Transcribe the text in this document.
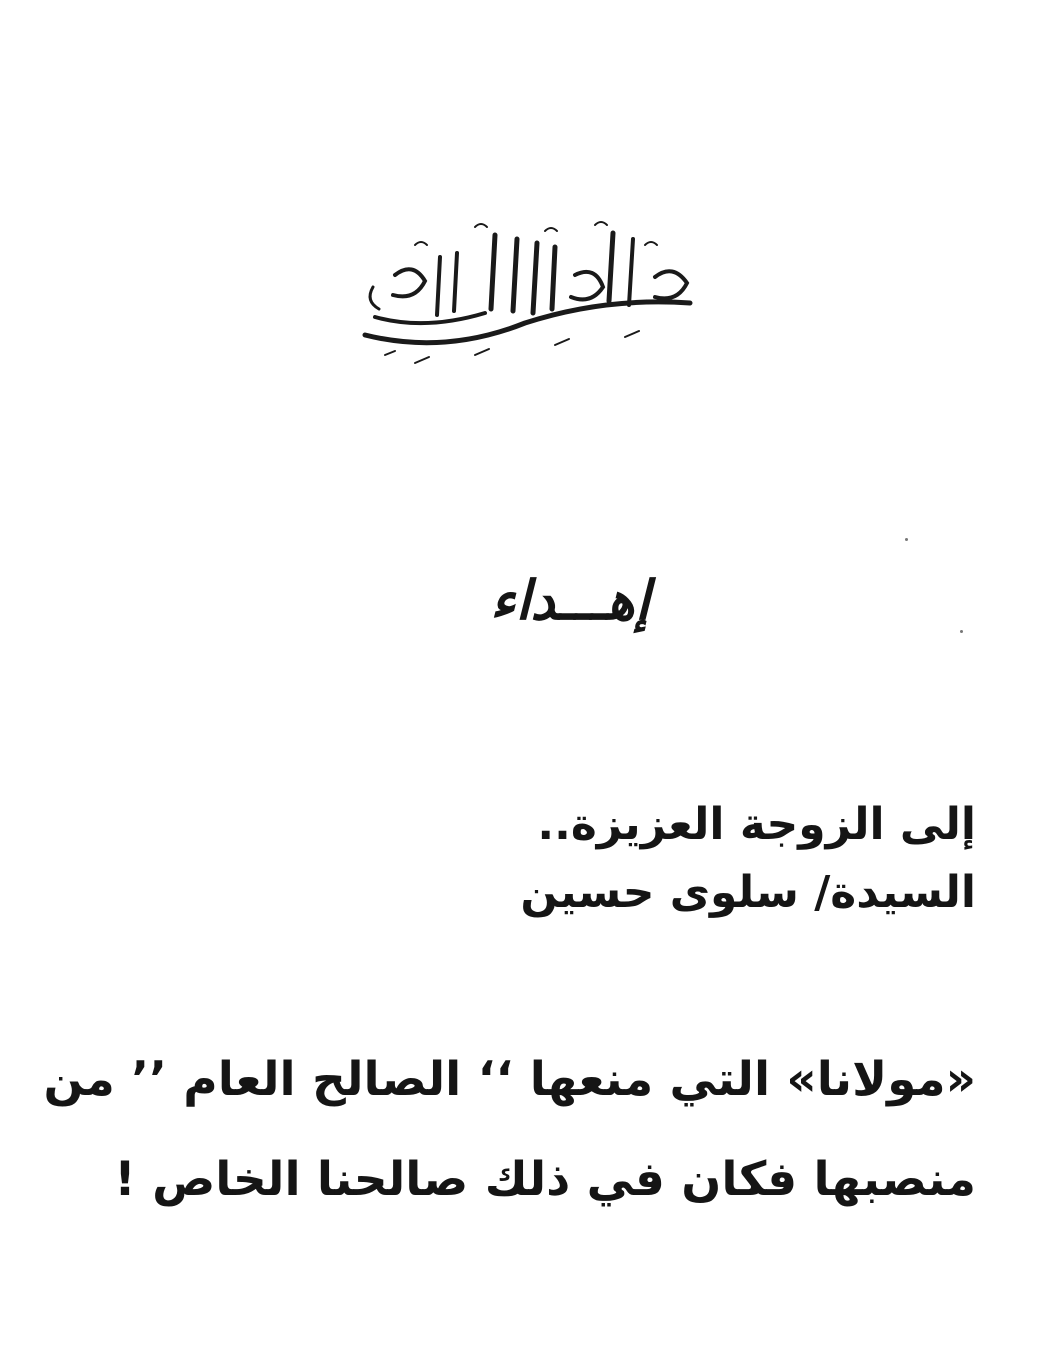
إهـــداء
إلى الزوجة العزيزة..
السيدة/ سلوى حسين
«مولانا» التي منعها ‘‘ الصالح العام ’’ من
منصبها فكان في ذلك صالحنا الخاص !
